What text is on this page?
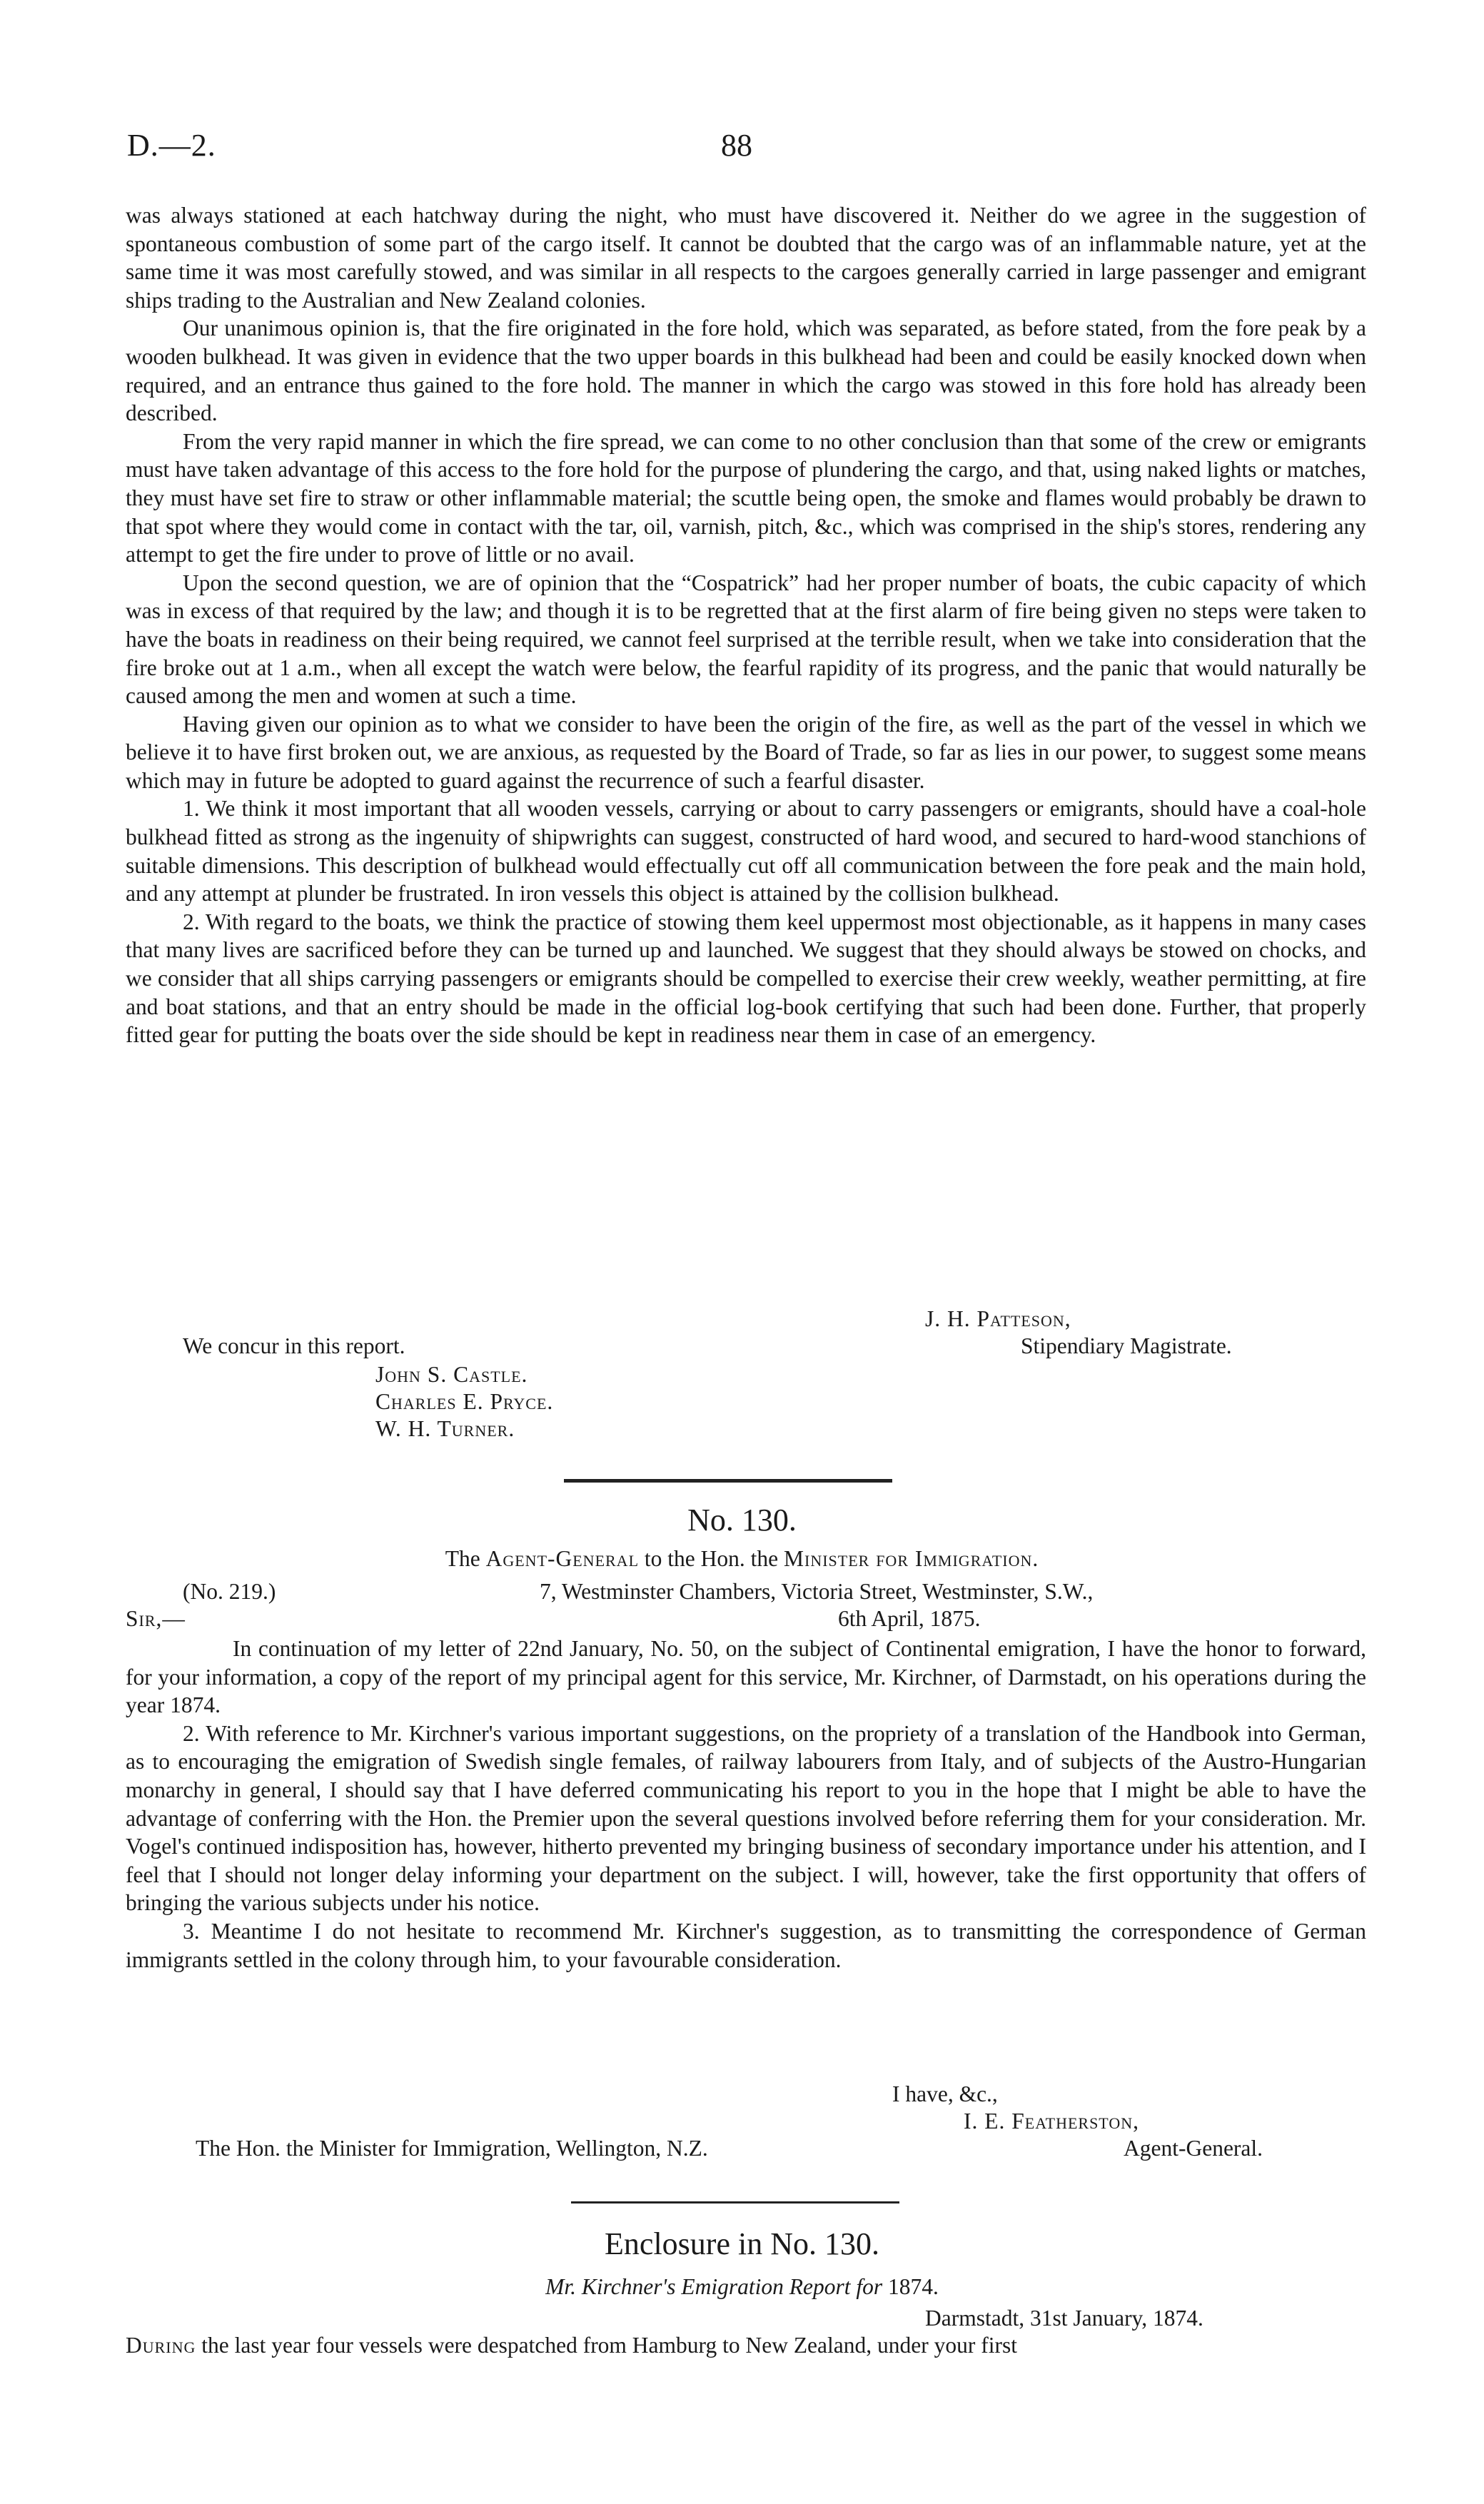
D.—2.	88

was always stationed at each hatchway during the night, who must have discovered it. Neither do we agree in the suggestion of spontaneous combustion of some part of the cargo itself. It cannot be doubted that the cargo was of an inflammable nature, yet at the same time it was most carefully stowed, and was similar in all respects to the cargoes generally carried in large passenger and emigrant ships trading to the Australian and New Zealand colonies.

Our unanimous opinion is, that the fire originated in the fore hold, which was separated, as before stated, from the fore peak by a wooden bulkhead. It was given in evidence that the two upper boards in this bulkhead had been and could be easily knocked down when required, and an entrance thus gained to the fore hold. The manner in which the cargo was stowed in this fore hold has already been described.

From the very rapid manner in which the fire spread, we can come to no other conclusion than that some of the crew or emigrants must have taken advantage of this access to the fore hold for the purpose of plundering the cargo, and that, using naked lights or matches, they must have set fire to straw or other inflammable material; the scuttle being open, the smoke and flames would probably be drawn to that spot where they would come in contact with the tar, oil, varnish, pitch, &c., which was comprised in the ship's stores, rendering any attempt to get the fire under to prove of little or no avail.

Upon the second question, we are of opinion that the “Cospatrick” had her proper number of boats, the cubic capacity of which was in excess of that required by the law; and though it is to be regretted that at the first alarm of fire being given no steps were taken to have the boats in readiness on their being required, we cannot feel surprised at the terrible result, when we take into consideration that the fire broke out at 1 a.m., when all except the watch were below, the fearful rapidity of its progress, and the panic that would naturally be caused among the men and women at such a time.

Having given our opinion as to what we consider to have been the origin of the fire, as well as the part of the vessel in which we believe it to have first broken out, we are anxious, as requested by the Board of Trade, so far as lies in our power, to suggest some means which may in future be adopted to guard against the recurrence of such a fearful disaster.

1. We think it most important that all wooden vessels, carrying or about to carry passengers or emigrants, should have a coal-hole bulkhead fitted as strong as the ingenuity of shipwrights can suggest, constructed of hard wood, and secured to hard-wood stanchions of suitable dimensions. This description of bulkhead would effectually cut off all communication between the fore peak and the main hold, and any attempt at plunder be frustrated. In iron vessels this object is attained by the collision bulkhead.

2. With regard to the boats, we think the practice of stowing them keel uppermost most objectionable, as it happens in many cases that many lives are sacrificed before they can be turned up and launched. We suggest that they should always be stowed on chocks, and we consider that all ships carrying passengers or emigrants should be compelled to exercise their crew weekly, weather permitting, at fire and boat stations, and that an entry should be made in the official log-book certifying that such had been done. Further, that properly fitted gear for putting the boats over the side should be kept in readiness near them in case of an emergency.

J. H. Patteson,
We concur in this report.	Stipendiary Magistrate.
John S. Castle.
Charles E. Pryce.
W. H. Turner.
No. 130.
The Agent-General to the Hon. the Minister for Immigration.
(No. 219.)	7, Westminster Chambers, Victoria Street, Westminster, S.W.,
Sir,—	6th April, 1875.

In continuation of my letter of 22nd January, No. 50, on the subject of Continental emigration, I have the honor to forward, for your information, a copy of the report of my principal agent for this service, Mr. Kirchner, of Darmstadt, on his operations during the year 1874.

2. With reference to Mr. Kirchner's various important suggestions, on the propriety of a translation of the Handbook into German, as to encouraging the emigration of Swedish single females, of railway labourers from Italy, and of subjects of the Austro-Hungarian monarchy in general, I should say that I have deferred communicating his report to you in the hope that I might be able to have the advantage of conferring with the Hon. the Premier upon the several questions involved before referring them for your consideration. Mr. Vogel's continued indisposition has, however, hitherto prevented my bringing business of secondary importance under his attention, and I feel that I should not longer delay informing your department on the subject. I will, however, take the first opportunity that offers of bringing the various subjects under his notice.

3. Meantime I do not hesitate to recommend Mr. Kirchner's suggestion, as to transmitting the correspondence of German immigrants settled in the colony through him, to your favourable consideration.

I have, &c.,
I. E. Featherston,
The Hon. the Minister for Immigration, Wellington, N.Z.	Agent-General.
Enclosure in No. 130.
Mr. Kirchner's Emigration Report for 1874.
Darmstadt, 31st January, 1874.
During the last year four vessels were despatched from Hamburg to New Zealand, under your first
